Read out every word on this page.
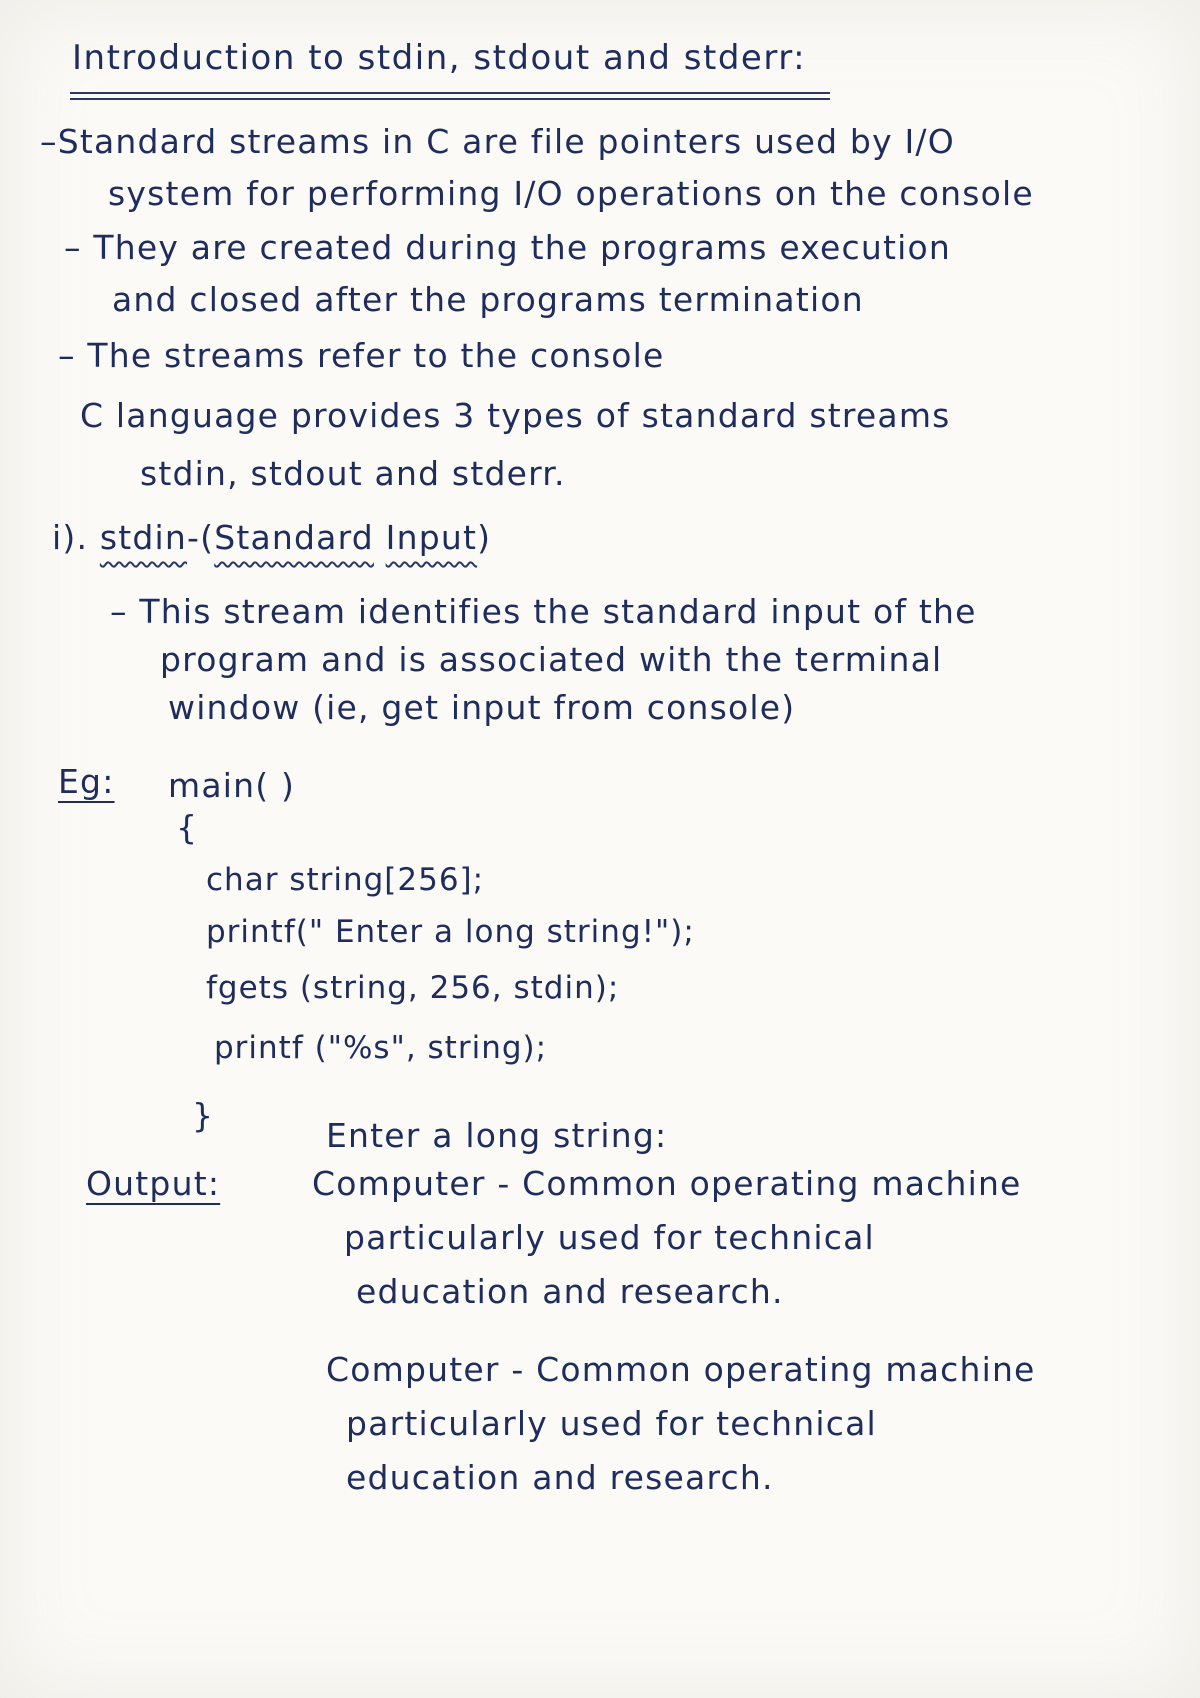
Introduction to stdin, stdout and stderr:
–Standard streams in C are file pointers used by I/O
system for performing I/O operations on the console
– They are created during the programs execution
and closed after the programs termination
– The streams refer to the console
C language provides 3 types of standard streams
stdin, stdout and stderr.
i). stdin-(Standard Input)
– This stream identifies the standard input of the
program and is associated with the terminal
window (ie, get input from console)
Eg: main( )
{
char string[256];
printf(" Enter a long string!");
fgets (string, 256, stdin);
printf ("%s", string);
}
Enter a long string:
Output:	Computer - Common operating machine
particularly used for technical
education and research.
Computer - Common operating machine
particularly used for technical
education and research.
